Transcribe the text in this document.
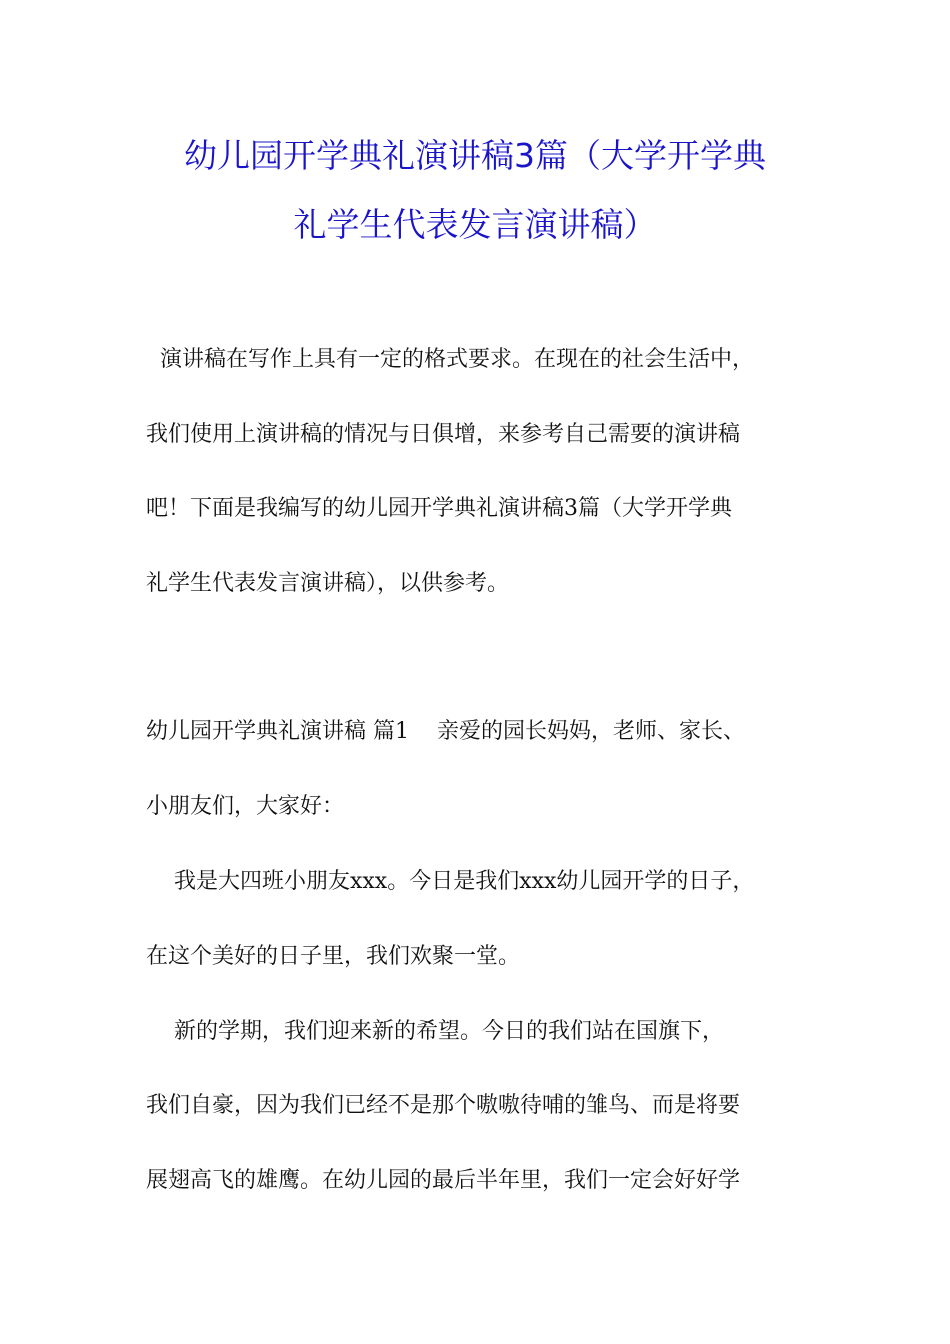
幼儿园开学典礼演讲稿3篇（大学开学典
礼学生代表发言演讲稿）

演讲稿在写作上具有一定的格式要求。在现在的社会生活中，

我们使用上演讲稿的情况与日俱增，来参考自己需要的演讲稿

吧！下面是我编写的幼儿园开学典礼演讲稿3篇（大学开学典

礼学生代表发言演讲稿），以供参考。

幼儿园开学典礼演讲稿 篇1    亲爱的园长妈妈，老师、家长、

小朋友们，大家好：

我是大四班小朋友xxx。今日是我们xxx幼儿园开学的日子，

在这个美好的日子里，我们欢聚一堂。

新的学期，我们迎来新的希望。今日的我们站在国旗下，

我们自豪，因为我们已经不是那个嗷嗷待哺的雏鸟、而是将要

展翅高飞的雄鹰。在幼儿园的最后半年里，我们一定会好好学
